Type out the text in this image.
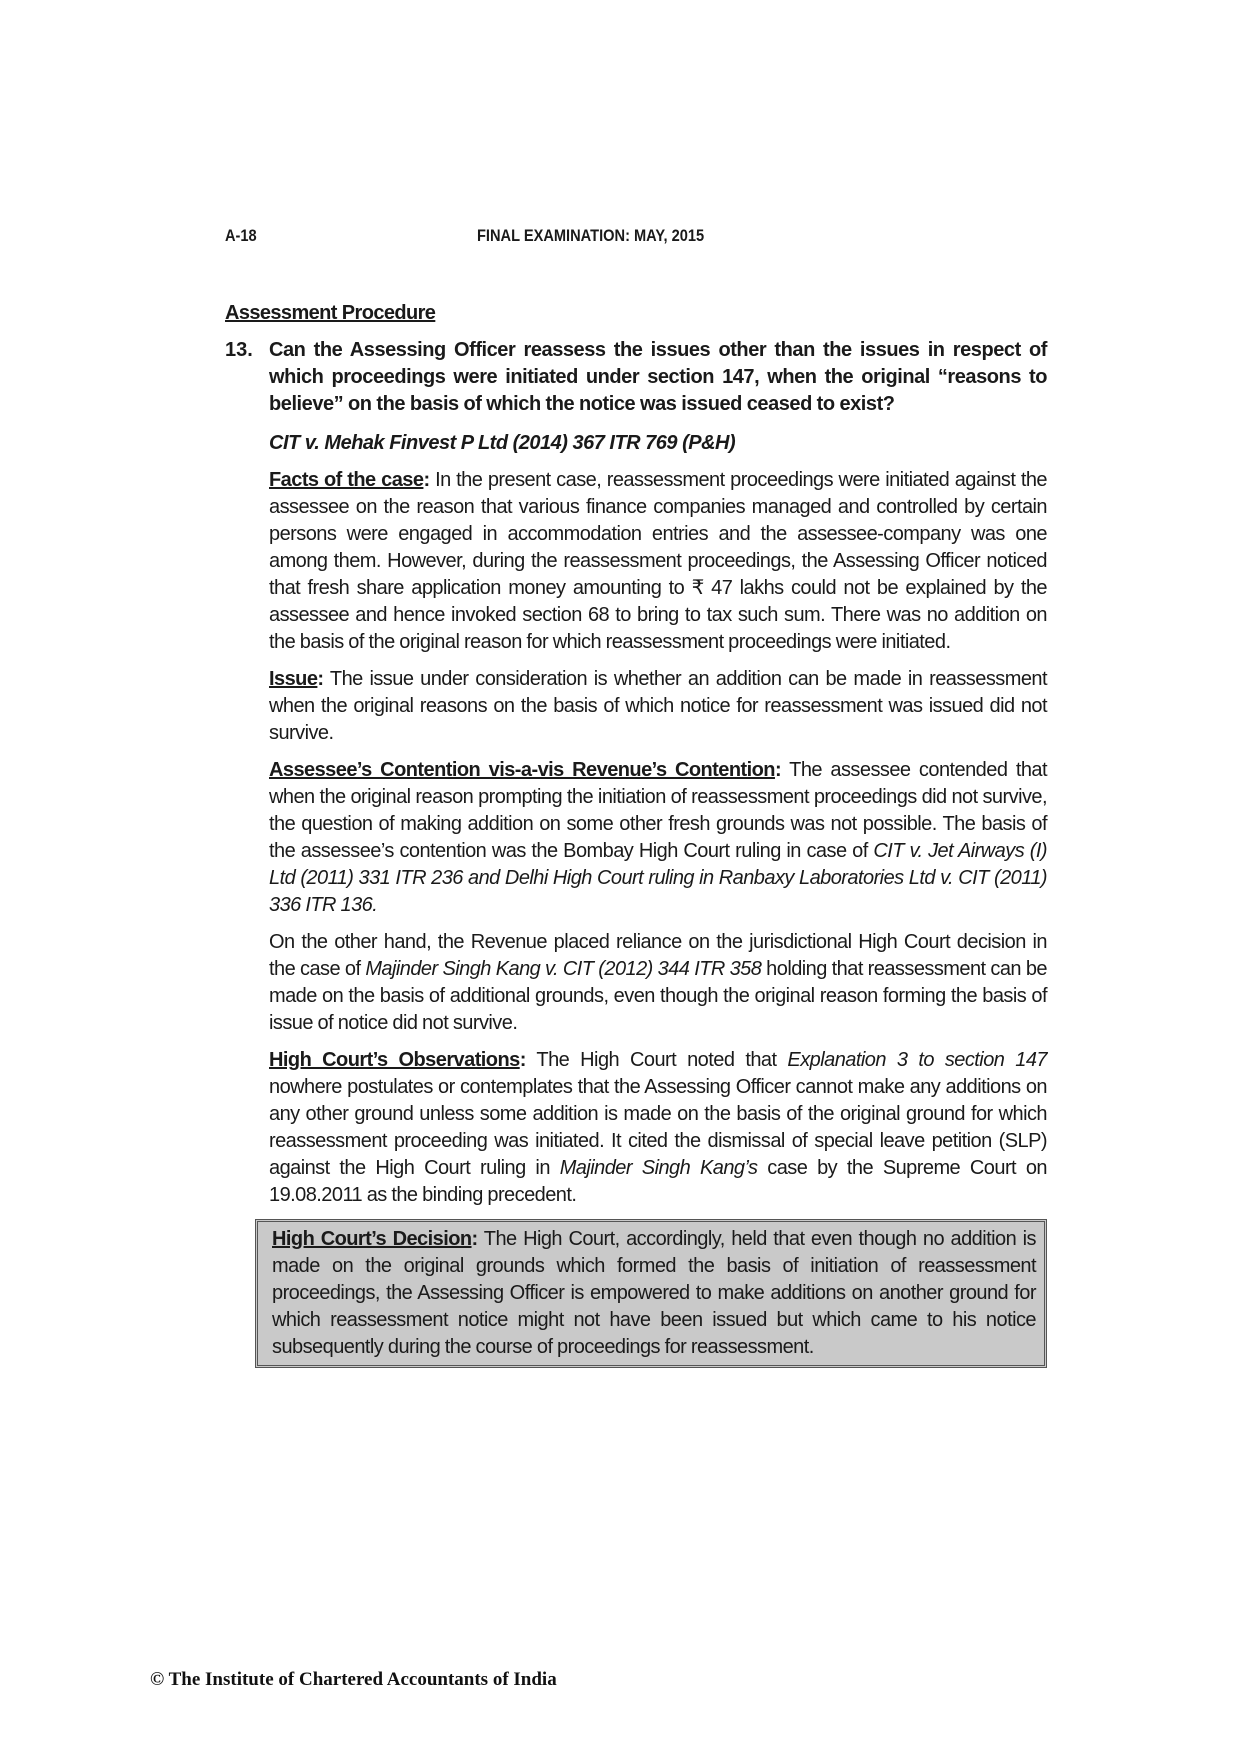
A-18	FINAL EXAMINATION: MAY, 2015
Assessment Procedure
13. Can the Assessing Officer reassess the issues other than the issues in respect of which proceedings were initiated under section 147, when the original “reasons to believe” on the basis of which the notice was issued ceased to exist?
CIT v. Mehak Finvest P Ltd (2014) 367 ITR 769 (P&H)

Facts of the case: In the present case, reassessment proceedings were initiated against the assessee on the reason that various finance companies managed and controlled by certain persons were engaged in accommodation entries and the assessee-company was one among them. However, during the reassessment proceedings, the Assessing Officer noticed that fresh share application money amounting to ₹ 47 lakhs could not be explained by the assessee and hence invoked section 68 to bring to tax such sum. There was no addition on the basis of the original reason for which reassessment proceedings were initiated.

Issue: The issue under consideration is whether an addition can be made in reassessment when the original reasons on the basis of which notice for reassessment was issued did not survive.

Assessee’s Contention vis-a-vis Revenue’s Contention: The assessee contended that when the original reason prompting the initiation of reassessment proceedings did not survive, the question of making addition on some other fresh grounds was not possible. The basis of the assessee’s contention was the Bombay High Court ruling in case of CIT v. Jet Airways (I) Ltd (2011) 331 ITR 236 and Delhi High Court ruling in Ranbaxy Laboratories Ltd v. CIT (2011) 336 ITR 136.

On the other hand, the Revenue placed reliance on the jurisdictional High Court decision in the case of Majinder Singh Kang v. CIT (2012) 344 ITR 358 holding that reassessment can be made on the basis of additional grounds, even though the original reason forming the basis of issue of notice did not survive.

High Court’s Observations: The High Court noted that Explanation 3 to section 147 nowhere postulates or contemplates that the Assessing Officer cannot make any additions on any other ground unless some addition is made on the basis of the original ground for which reassessment proceeding was initiated. It cited the dismissal of special leave petition (SLP) against the High Court ruling in Majinder Singh Kang’s case by the Supreme Court on 19.08.2011 as the binding precedent.

High Court’s Decision: The High Court, accordingly, held that even though no addition is made on the original grounds which formed the basis of initiation of reassessment proceedings, the Assessing Officer is empowered to make additions on another ground for which reassessment notice might not have been issued but which came to his notice subsequently during the course of proceedings for reassessment.

© The Institute of Chartered Accountants of India
